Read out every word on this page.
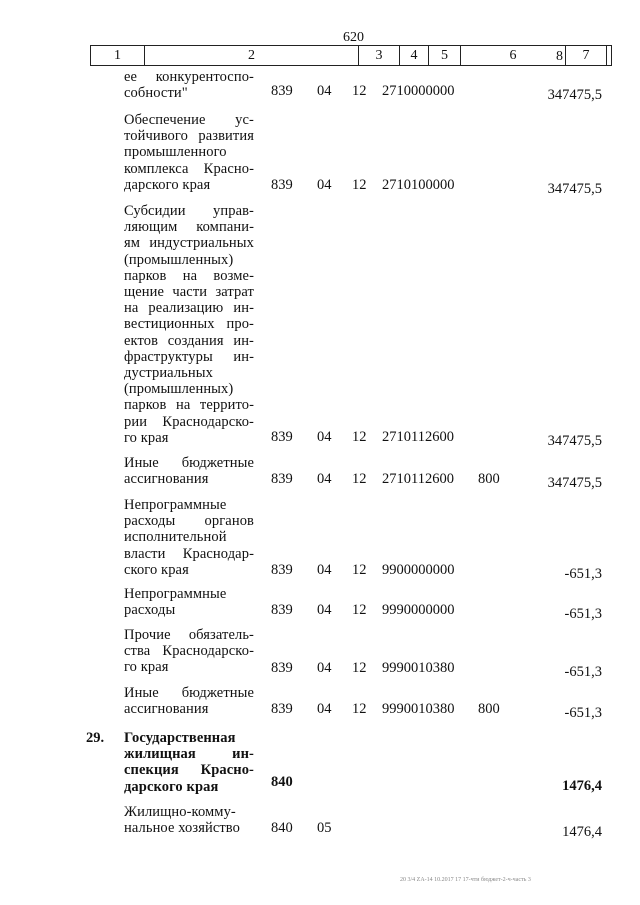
620
1	2	3	4	5	6	7
8
ее конкурентоспо-
собности"	839 04 12 2710000000	347475,5
Обеспечение ус-
тойчивого развития
промышленного
комплекса Красно-
дарского края	839 04 12 2710100000	347475,5
Субсидии управ-
ляющим компани-
ям индустриальных
(промышленных)
парков на возме-
щение части затрат
на реализацию ин-
вестиционных про-
ектов создания ин-
фраструктуры ин-
дустриальных
(промышленных)
парков на террито-
рии Краснодарско-
го края	839 04 12 2710112600	347475,5
Иные бюджетные
ассигнования	839 04 12 2710112600 800	347475,5
Непрограммные
расходы органов
исполнительной
власти Краснодар-
ского края	839 04 12 9900000000	-651,3
Непрограммные
расходы	839 04 12 9990000000	-651,3
Прочие обязатель-
ства Краснодарско-
го края	839 04 12 9990010380	-651,3
Иные бюджетные
ассигнования	839 04 12 9990010380 800	-651,3
29. Государственная
жилищная ин-
спекция Красно-
дарского края	840	1476,4
Жилищно-комму-
нальное хозяйство	840 05	1476,4
20 3/4 ZA-14 10.2017 17 17-чти бюджет-2-ч-часть 3
